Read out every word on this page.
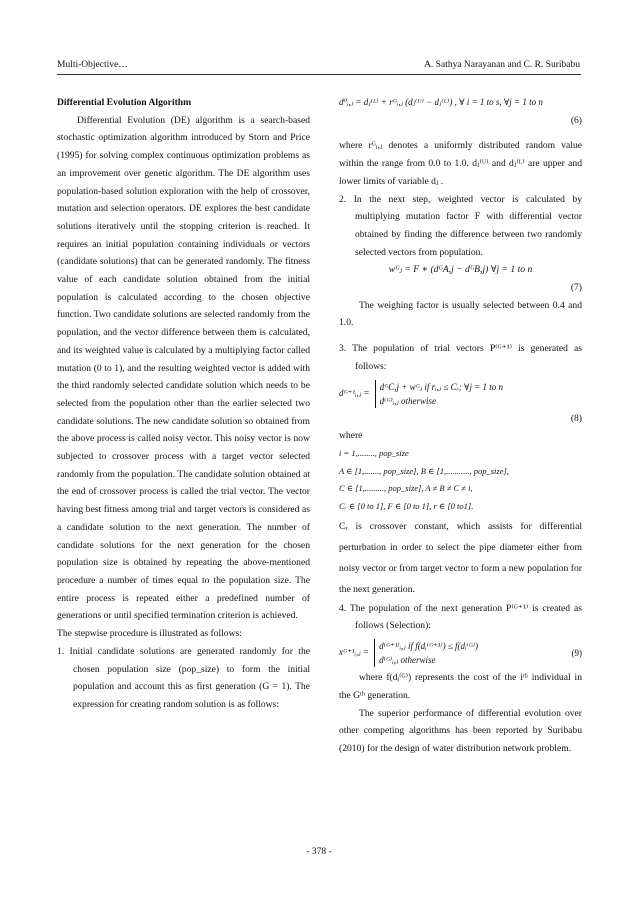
Multi-Objective…	A. Sathya Narayanan and C. R. Suribabu

Differential Evolution Algorithm

Differential Evolution (DE) algorithm is a search-based stochastic optimization algorithm introduced by Storn and Price (1995) for solving complex continuous optimization problems as an improvement over genetic algorithm. The DE algorithm uses population-based solution exploration with the help of crossover, mutation and selection operators. DE explores the best candidate solutions iteratively until the stopping criterion is reached. It requires an initial population containing individuals or vectors (candidate solutions) that can be generated randomly. The fitness value of each candidate solution obtained from the initial population is calculated according to the chosen objective function. Two candidate solutions are selected randomly from the population, and the vector difference between them is calculated, and its weighted value is calculated by a multiplying factor called mutation (0 to 1), and the resulting weighted vector is added with the third randomly selected candidate solution which needs to be selected from the population other than the earlier selected two candidate solutions. The new candidate solution so obtained from the above process is called noisy vector. This noisy vector is now subjected to crossover process with a target vector selected randomly from the population. The candidate solution obtained at the end of crossover process is called the trial vector. The vector having best fitness among trial and target vectors is considered as a candidate solution to the next generation. The number of candidate solutions for the next generation for the chosen population size is obtained by repeating the above-mentioned procedure a number of times equal to the population size. The entire process is repeated either a predefined number of generations or until specified termination criterion is achieved.

The stepwise procedure is illustrated as follows:

1. Initial candidate solutions are generated randomly for the chosen population size (pop_size) to form the initial population and account this as first generation (G = 1). The expression for creating random solution is as follows:

d⁰ᵢ,ⱼ = dⱼ⁽ᴸ⁾ + rᴳᵢ,ⱼ (dⱼ⁽ᵁ⁾ − dⱼ⁽ᴸ⁾) , ∀ i = 1 to s, ∀j = 1 to n

(6)

where rᴳᵢ,ⱼ denotes a uniformly distributed random value within the range from 0.0 to 1.0. dⱼ⁽ᵁ⁾ and dⱼ⁽ᴸ⁾ are upper and lower limits of variable dⱼ .

2. In the next step, weighted vector is calculated by multiplying mutation factor F with differential vector obtained by finding the difference between two randomly selected vectors from population.

wᴳⱼ = F ∗ (dᴳA,j − dᴳB,j) ∀j = 1 to n

(7)

The weighing factor is usually selected between 0.4 and 1.0.

3. The population of trial vectors P⁽ᴳ⁺¹⁾ is generated as follows:

dᴳ⁺¹ᵢ,ⱼ = dᴳC,j + wᴳⱼ if rᵢ,ⱼ ≤ Cᵣ; ∀j = 1 to n
d⁽ᴳ⁾ᵢ,ⱼ otherwise

(8)

where

i = 1,........, pop_size

A ∈ [1,......., pop_size], B ∈ [1,..........., pop_size],

C ∈ [1,........., pop_size], A ≠ B ≠ C ≠ i,

Cᵣ ∈ [0 to 1], F ∈ [0 to 1], r ∈ [0 to1].

Cᵣ is crossover constant, which assists for differential perturbation in order to select the pipe diameter either from noisy vector or from target vector to form a new population for the next generation.

4. The population of the next generation P⁽ᴳ⁺¹⁾ is created as follows (Selection):

xᴳ⁺¹ᵢ,ⱼ = d⁽ᴳ⁺¹⁾ᵢ,ⱼ if f(dᵢ⁽ᴳ⁺¹⁾) ≤ f(dᵢ⁽ᴳ⁾)
d⁽ᴳ⁾ᵢ,ⱼ otherwise
(9)

where f(dᵢ⁽ᴳ⁾) represents the cost of the iᵗʰ individual in the Gᵗʰ generation.

The superior performance of differential evolution over other competing algorithms has been reported by Suribabu (2010) for the design of water distribution network problem.

- 378 -
